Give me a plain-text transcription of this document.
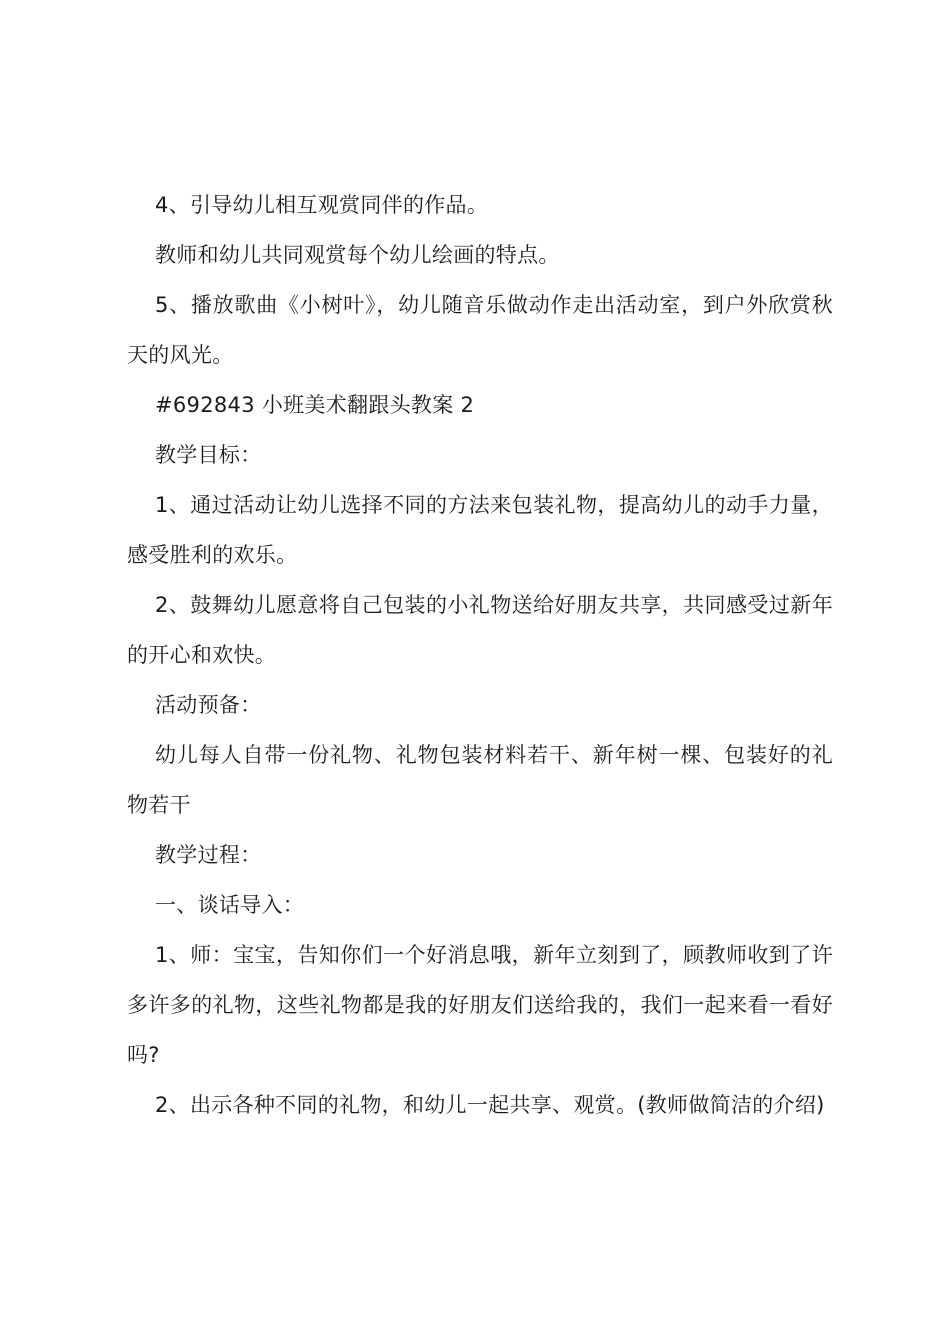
4、引导幼儿相互观赏同伴的作品。

教师和幼儿共同观赏每个幼儿绘画的特点。

5、播放歌曲《小树叶》，幼儿随音乐做动作走出活动室，到户外欣赏秋天的风光。

#692843 小班美术翻跟头教案 2

教学目标：

1、通过活动让幼儿选择不同的方法来包装礼物，提高幼儿的动手力量，感受胜利的欢乐。

2、鼓舞幼儿愿意将自己包装的小礼物送给好朋友共享，共同感受过新年的开心和欢快。

活动预备：

幼儿每人自带一份礼物、礼物包装材料若干、新年树一棵、包装好的礼物若干

教学过程：

一、谈话导入：

1、师：宝宝，告知你们一个好消息哦，新年立刻到了，顾教师收到了许多许多的礼物，这些礼物都是我的好朋友们送给我的，我们一起来看一看好吗?

2、出示各种不同的礼物，和幼儿一起共享、观赏。(教师做简洁的介绍)
